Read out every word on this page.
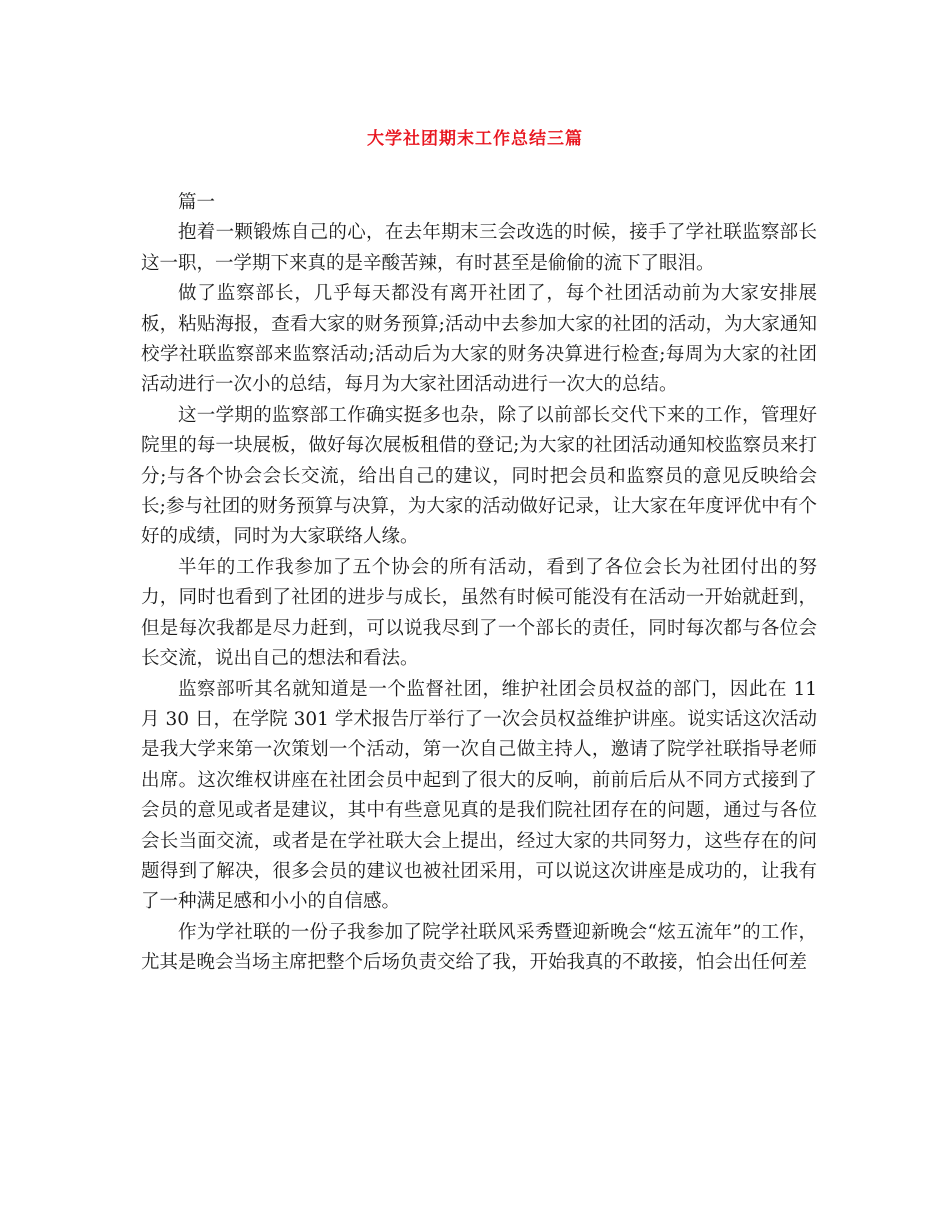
大学社团期末工作总结三篇

篇一

抱着一颗锻炼自己的心，在去年期末三会改选的时候，接手了学社联监察部长这一职，一学期下来真的是辛酸苦辣，有时甚至是偷偷的流下了眼泪。

做了监察部长，几乎每天都没有离开社团了，每个社团活动前为大家安排展板，粘贴海报，查看大家的财务预算;活动中去参加大家的社团的活动，为大家通知校学社联监察部来监察活动;活动后为大家的财务决算进行检查;每周为大家的社团活动进行一次小的总结，每月为大家社团活动进行一次大的总结。

这一学期的监察部工作确实挺多也杂，除了以前部长交代下来的工作，管理好院里的每一块展板，做好每次展板租借的登记;为大家的社团活动通知校监察员来打分;与各个协会会长交流，给出自己的建议，同时把会员和监察员的意见反映给会长;参与社团的财务预算与决算，为大家的活动做好记录，让大家在年度评优中有个好的成绩，同时为大家联络人缘。

半年的工作我参加了五个协会的所有活动，看到了各位会长为社团付出的努力，同时也看到了社团的进步与成长，虽然有时候可能没有在活动一开始就赶到，但是每次我都是尽力赶到，可以说我尽到了一个部长的责任，同时每次都与各位会长交流，说出自己的想法和看法。

监察部听其名就知道是一个监督社团，维护社团会员权益的部门，因此在 11 月 30 日，在学院 301 学术报告厅举行了一次会员权益维护讲座。说实话这次活动是我大学来第一次策划一个活动，第一次自己做主持人，邀请了院学社联指导老师出席。这次维权讲座在社团会员中起到了很大的反响，前前后后从不同方式接到了会员的意见或者是建议，其中有些意见真的是我们院社团存在的问题，通过与各位会长当面交流，或者是在学社联大会上提出，经过大家的共同努力，这些存在的问题得到了解决，很多会员的建议也被社团采用，可以说这次讲座是成功的，让我有了一种满足感和小小的自信感。

作为学社联的一份子我参加了院学社联风采秀暨迎新晚会“炫五流年”的工作，尤其是晚会当场主席把整个后场负责交给了我，开始我真的不敢接，怕会出任何差
